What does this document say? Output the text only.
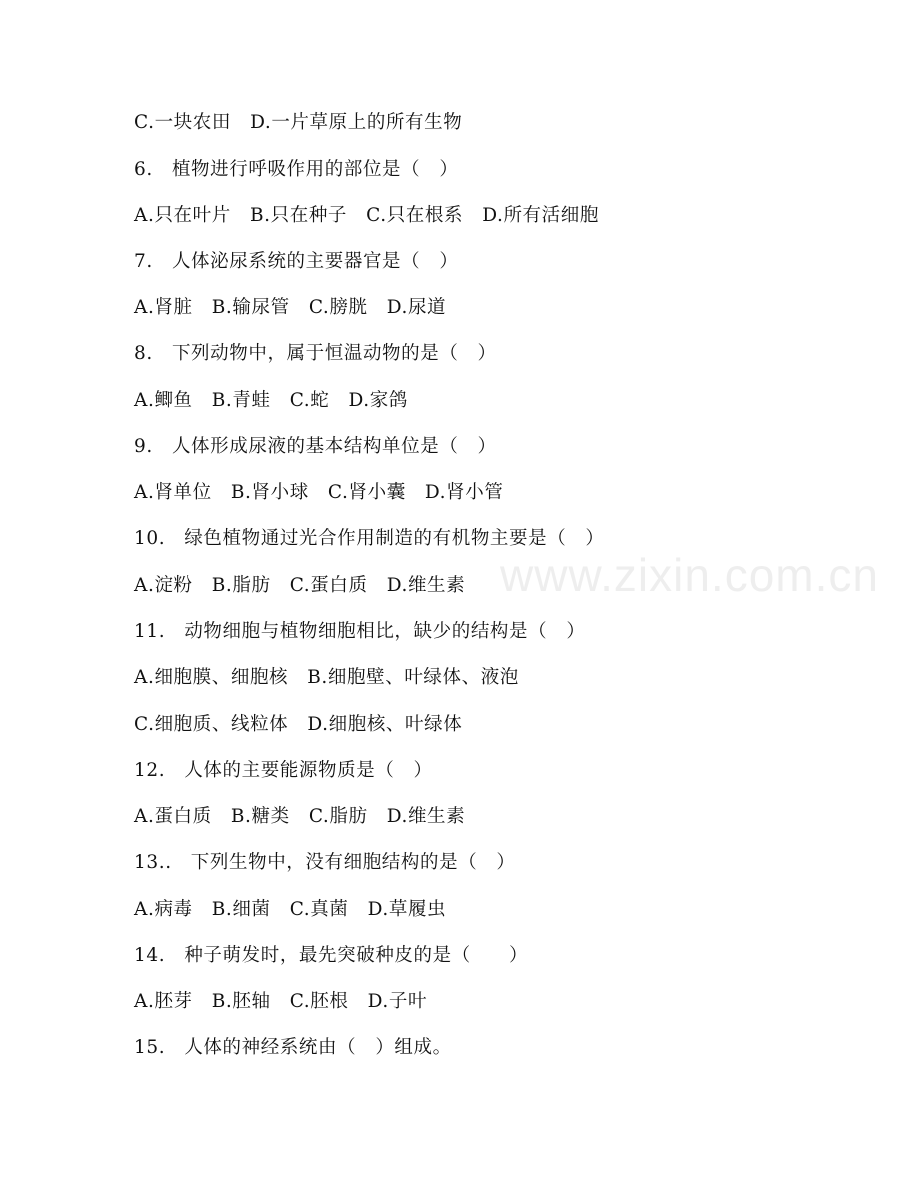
www.zixin.com.cn
C.一块农田　D.一片草原上的所有生物
6.　植物进行呼吸作用的部位是（　）
A.只在叶片　B.只在种子　C.只在根系　D.所有活细胞
7.　人体泌尿系统的主要器官是（　）
A.肾脏　B.输尿管　C.膀胱　D.尿道
8.　下列动物中，属于恒温动物的是（　）
A.鲫鱼　B.青蛙　C.蛇　D.家鸽
9.　人体形成尿液的基本结构单位是（　）
A.肾单位　B.肾小球　C.肾小囊　D.肾小管
10.　绿色植物通过光合作用制造的有机物主要是（　）
A.淀粉　B.脂肪　C.蛋白质　D.维生素
11.　动物细胞与植物细胞相比，缺少的结构是（　）
A.细胞膜、细胞核　B.细胞壁、叶绿体、液泡
C.细胞质、线粒体　D.细胞核、叶绿体
12.　人体的主要能源物质是（　）
A.蛋白质　B.糖类　C.脂肪　D.维生素
13..　下列生物中，没有细胞结构的是（　）
A.病毒　B.细菌　C.真菌　D.草履虫
14.　种子萌发时，最先突破种皮的是（　　）
A.胚芽　B.胚轴　C.胚根　D.子叶
15.　人体的神经系统由（　）组成。
